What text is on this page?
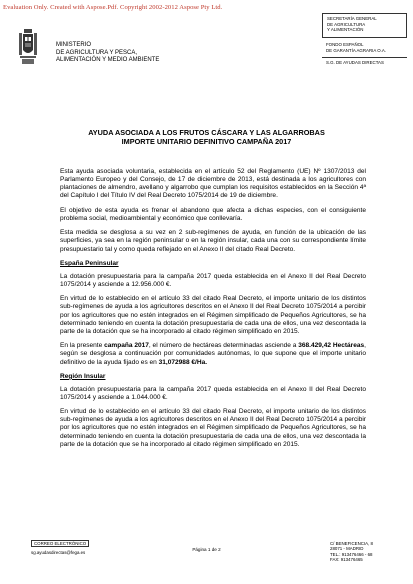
Evaluation Only. Created with Aspose.Pdf. Copyright 2002-2012 Aspose Pty Ltd.
MINISTERIO
DE AGRICULTURA Y PESCA,
ALIMENTACIÓN Y MEDIO AMBIENTE
SECRETARÍA GENERAL
DE AGRICULTURA
Y ALIMENTACIÓN
FONDO ESPAÑOL
DE GARANTÍA AGRARIA O.A.
S.G. DE AYUDAS DIRECTAS
AYUDA ASOCIADA A LOS FRUTOS CÁSCARA Y LAS ALGARROBAS
IMPORTE UNITARIO DEFINITIVO CAMPAÑA 2017

Esta ayuda asociada voluntaria, establecida en el artículo 52 del Reglamento (UE) Nº 1307/2013 del Parlamento Europeo y del Consejo, de 17 de diciembre de 2013, está destinada a los agricultores con plantaciones de almendro, avellano y algarrobo que cumplan los requisitos establecidos en la Sección 4ª del Capítulo I del Título IV del Real Decreto 1075/2014 de 19 de diciembre.

El objetivo de esta ayuda es frenar el abandono que afecta a dichas especies, con el consiguiente problema social, medioambiental y económico que conllevaría.

Esta medida se desglosa a su vez en 2 sub-regímenes de ayuda, en función de la ubicación de las superficies, ya sea en la región peninsular o en la región insular, cada una con su correspondiente límite presupuestario tal y como queda reflejado en el Anexo II del citado Real Decreto.

España Peninsular

La dotación presupuestaria para la campaña 2017 queda establecida en el Anexo II del Real Decreto 1075/2014 y asciende a 12.956.000 €.

En virtud de lo establecido en el artículo 33 del citado Real Decreto, el importe unitario de los distintos sub-regímenes de ayuda a los agricultores descritos en el Anexo II del Real Decreto 1075/2014 a percibir por los agricultores que no estén integrados en el Régimen simplificado de Pequeños Agricultores, se ha determinado teniendo en cuenta la dotación presupuestaria de cada una de ellos, una vez descontada la parte de la dotación que se ha incorporado al citado régimen simplificado en 2015.

En la presente campaña 2017, el número de hectáreas determinadas asciende a 368.429,42 Hectáreas, según se desglosa a continuación por comunidades autónomas, lo que supone que el importe unitario definitivo de la ayuda fijado es en 31,072988 €/Ha.

Región Insular

La dotación presupuestaria para la campaña 2017 queda establecida en el Anexo II del Real Decreto 1075/2014 y asciende a 1.044.000 €.

En virtud de lo establecido en el artículo 33 del citado Real Decreto, el importe unitario de los distintos sub-regímenes de ayuda a los agricultores descritos en el Anexo II del Real Decreto 1075/2014 a percibir por los agricultores que no estén integrados en el Régimen simplificado de Pequeños Agricultores, se ha determinado teniendo en cuenta la dotación presupuestaria de cada una de ellos, una vez descontada la parte de la dotación que se ha incorporado al citado régimen simplificado en 2015.

CORREO ELECTRÓNICO
sg.ayudasdirectas@fega.es
Página 1 de 2
C/ BENEFICENCIA, 8
28071 - MADRID
TEL.: 913476466 - 68
FAX: 913476465
